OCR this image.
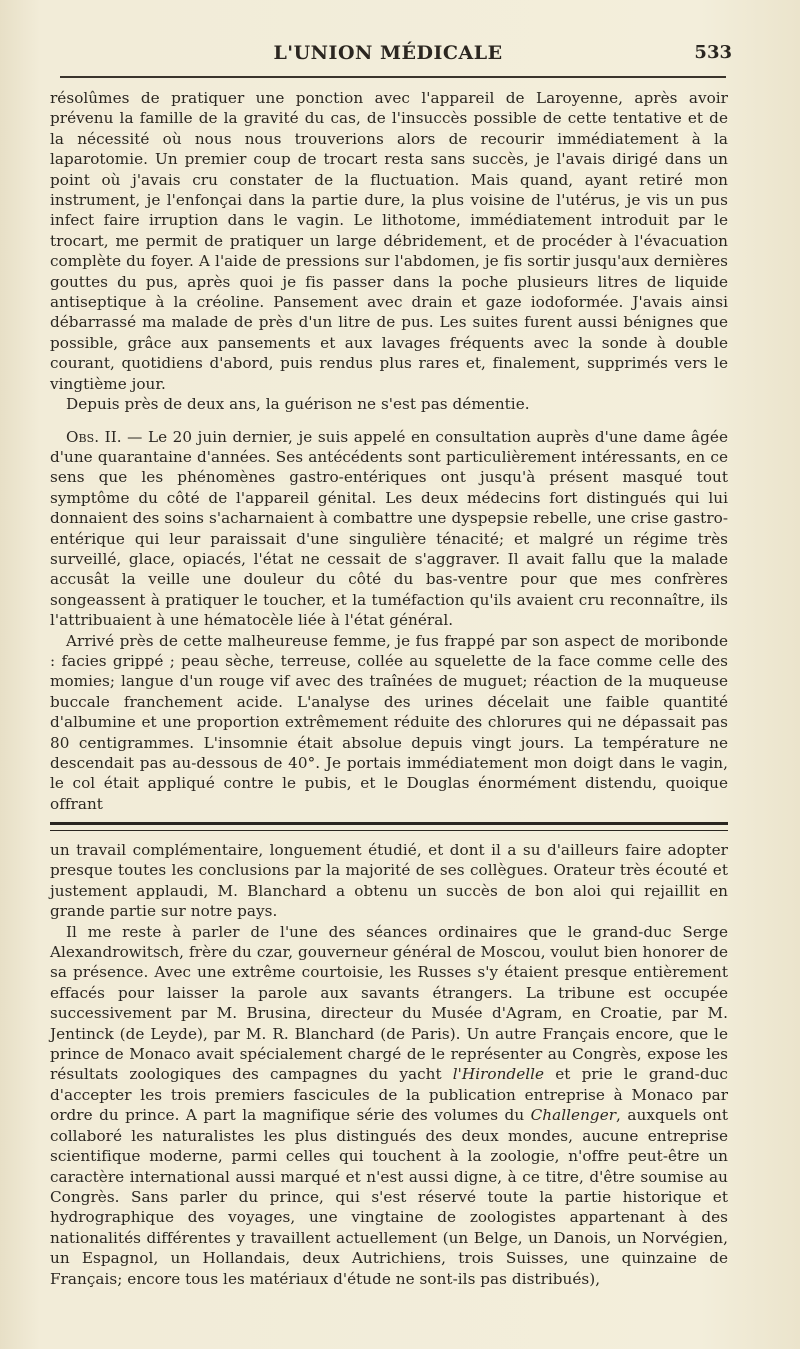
L'UNION MÉDICALE	533

résolûmes de pratiquer une ponction avec l'appareil de Laroyenne, après avoir prévenu la famille de la gravité du cas, de l'insuccès possible de cette tentative et de la nécessité où nous nous trouverions alors de recourir immédiatement à la laparotomie. Un premier coup de trocart resta sans succès, je l'avais dirigé dans un point où j'avais cru constater de la fluctuation. Mais quand, ayant retiré mon instrument, je l'enfonçai dans la partie dure, la plus voisine de l'utérus, je vis un pus infect faire irruption dans le vagin. Le lithotome, immédiatement introduit par le trocart, me permit de pratiquer un large débridement, et de procéder à l'évacuation complète du foyer. A l'aide de pressions sur l'abdomen, je fis sortir jusqu'aux dernières gouttes du pus, après quoi je fis passer dans la poche plusieurs litres de liquide antiseptique à la créoline. Pansement avec drain et gaze iodoformée. J'avais ainsi débarrassé ma malade de près d'un litre de pus. Les suites furent aussi bénignes que possible, grâce aux pansements et aux lavages fréquents avec la sonde à double courant, quotidiens d'abord, puis rendus plus rares et, finalement, supprimés vers le vingtième jour.

Depuis près de deux ans, la guérison ne s'est pas démentie.

Obs. II. — Le 20 juin dernier, je suis appelé en consultation auprès d'une dame âgée d'une quarantaine d'années. Ses antécédents sont particulièrement intéressants, en ce sens que les phénomènes gastro-entériques ont jusqu'à présent masqué tout symptôme du côté de l'appareil génital. Les deux médecins fort distingués qui lui donnaient des soins s'acharnaient à combattre une dyspepsie rebelle, une crise gastro-entérique qui leur paraissait d'une singulière ténacité; et malgré un régime très surveillé, glace, opiacés, l'état ne cessait de s'aggraver. Il avait fallu que la malade accusât la veille une douleur du côté du bas-ventre pour que mes confrères songeassent à pratiquer le toucher, et la tuméfaction qu'ils avaient cru reconnaître, ils l'attribuaient à une hématocèle liée à l'état général.

Arrivé près de cette malheureuse femme, je fus frappé par son aspect de moribonde : facies grippé ; peau sèche, terreuse, collée au squelette de la face comme celle des momies; langue d'un rouge vif avec des traînées de muguet; réaction de la muqueuse buccale franchement acide. L'analyse des urines décelait une faible quantité d'albumine et une proportion extrêmement réduite des chlorures qui ne dépassait pas 80 centigrammes. L'insomnie était absolue depuis vingt jours. La température ne descendait pas au-dessous de 40°. Je portais immédiatement mon doigt dans le vagin, le col était appliqué contre le pubis, et le Douglas énormément distendu, quoique offrant

un travail complémentaire, longuement étudié, et dont il a su d'ailleurs faire adopter presque toutes les conclusions par la majorité de ses collègues. Orateur très écouté et justement applaudi, M. Blanchard a obtenu un succès de bon aloi qui rejaillit en grande partie sur notre pays.

Il me reste à parler de l'une des séances ordinaires que le grand-duc Serge Alexandrowitsch, frère du czar, gouverneur général de Moscou, voulut bien honorer de sa présence. Avec une extrême courtoisie, les Russes s'y étaient presque entièrement effacés pour laisser la parole aux savants étrangers. La tribune est occupée successivement par M. Brusina, directeur du Musée d'Agram, en Croatie, par M. Jentinck (de Leyde), par M. R. Blanchard (de Paris). Un autre Français encore, que le prince de Monaco avait spécialement chargé de le représenter au Congrès, expose les résultats zoologiques des campagnes du yacht l'Hirondelle et prie le grand-duc d'accepter les trois premiers fascicules de la publication entreprise à Monaco par ordre du prince. A part la magnifique série des volumes du Challenger, auxquels ont collaboré les naturalistes les plus distingués des deux mondes, aucune entreprise scientifique moderne, parmi celles qui touchent à la zoologie, n'offre peut-être un caractère international aussi marqué et n'est aussi digne, à ce titre, d'être soumise au Congrès. Sans parler du prince, qui s'est réservé toute la partie historique et hydrographique des voyages, une vingtaine de zoologistes appartenant à des nationalités différentes y travaillent actuellement (un Belge, un Danois, un Norvégien, un Espagnol, un Hollandais, deux Autrichiens, trois Suisses, une quinzaine de Français; encore tous les matériaux d'étude ne sont-ils pas distribués),
